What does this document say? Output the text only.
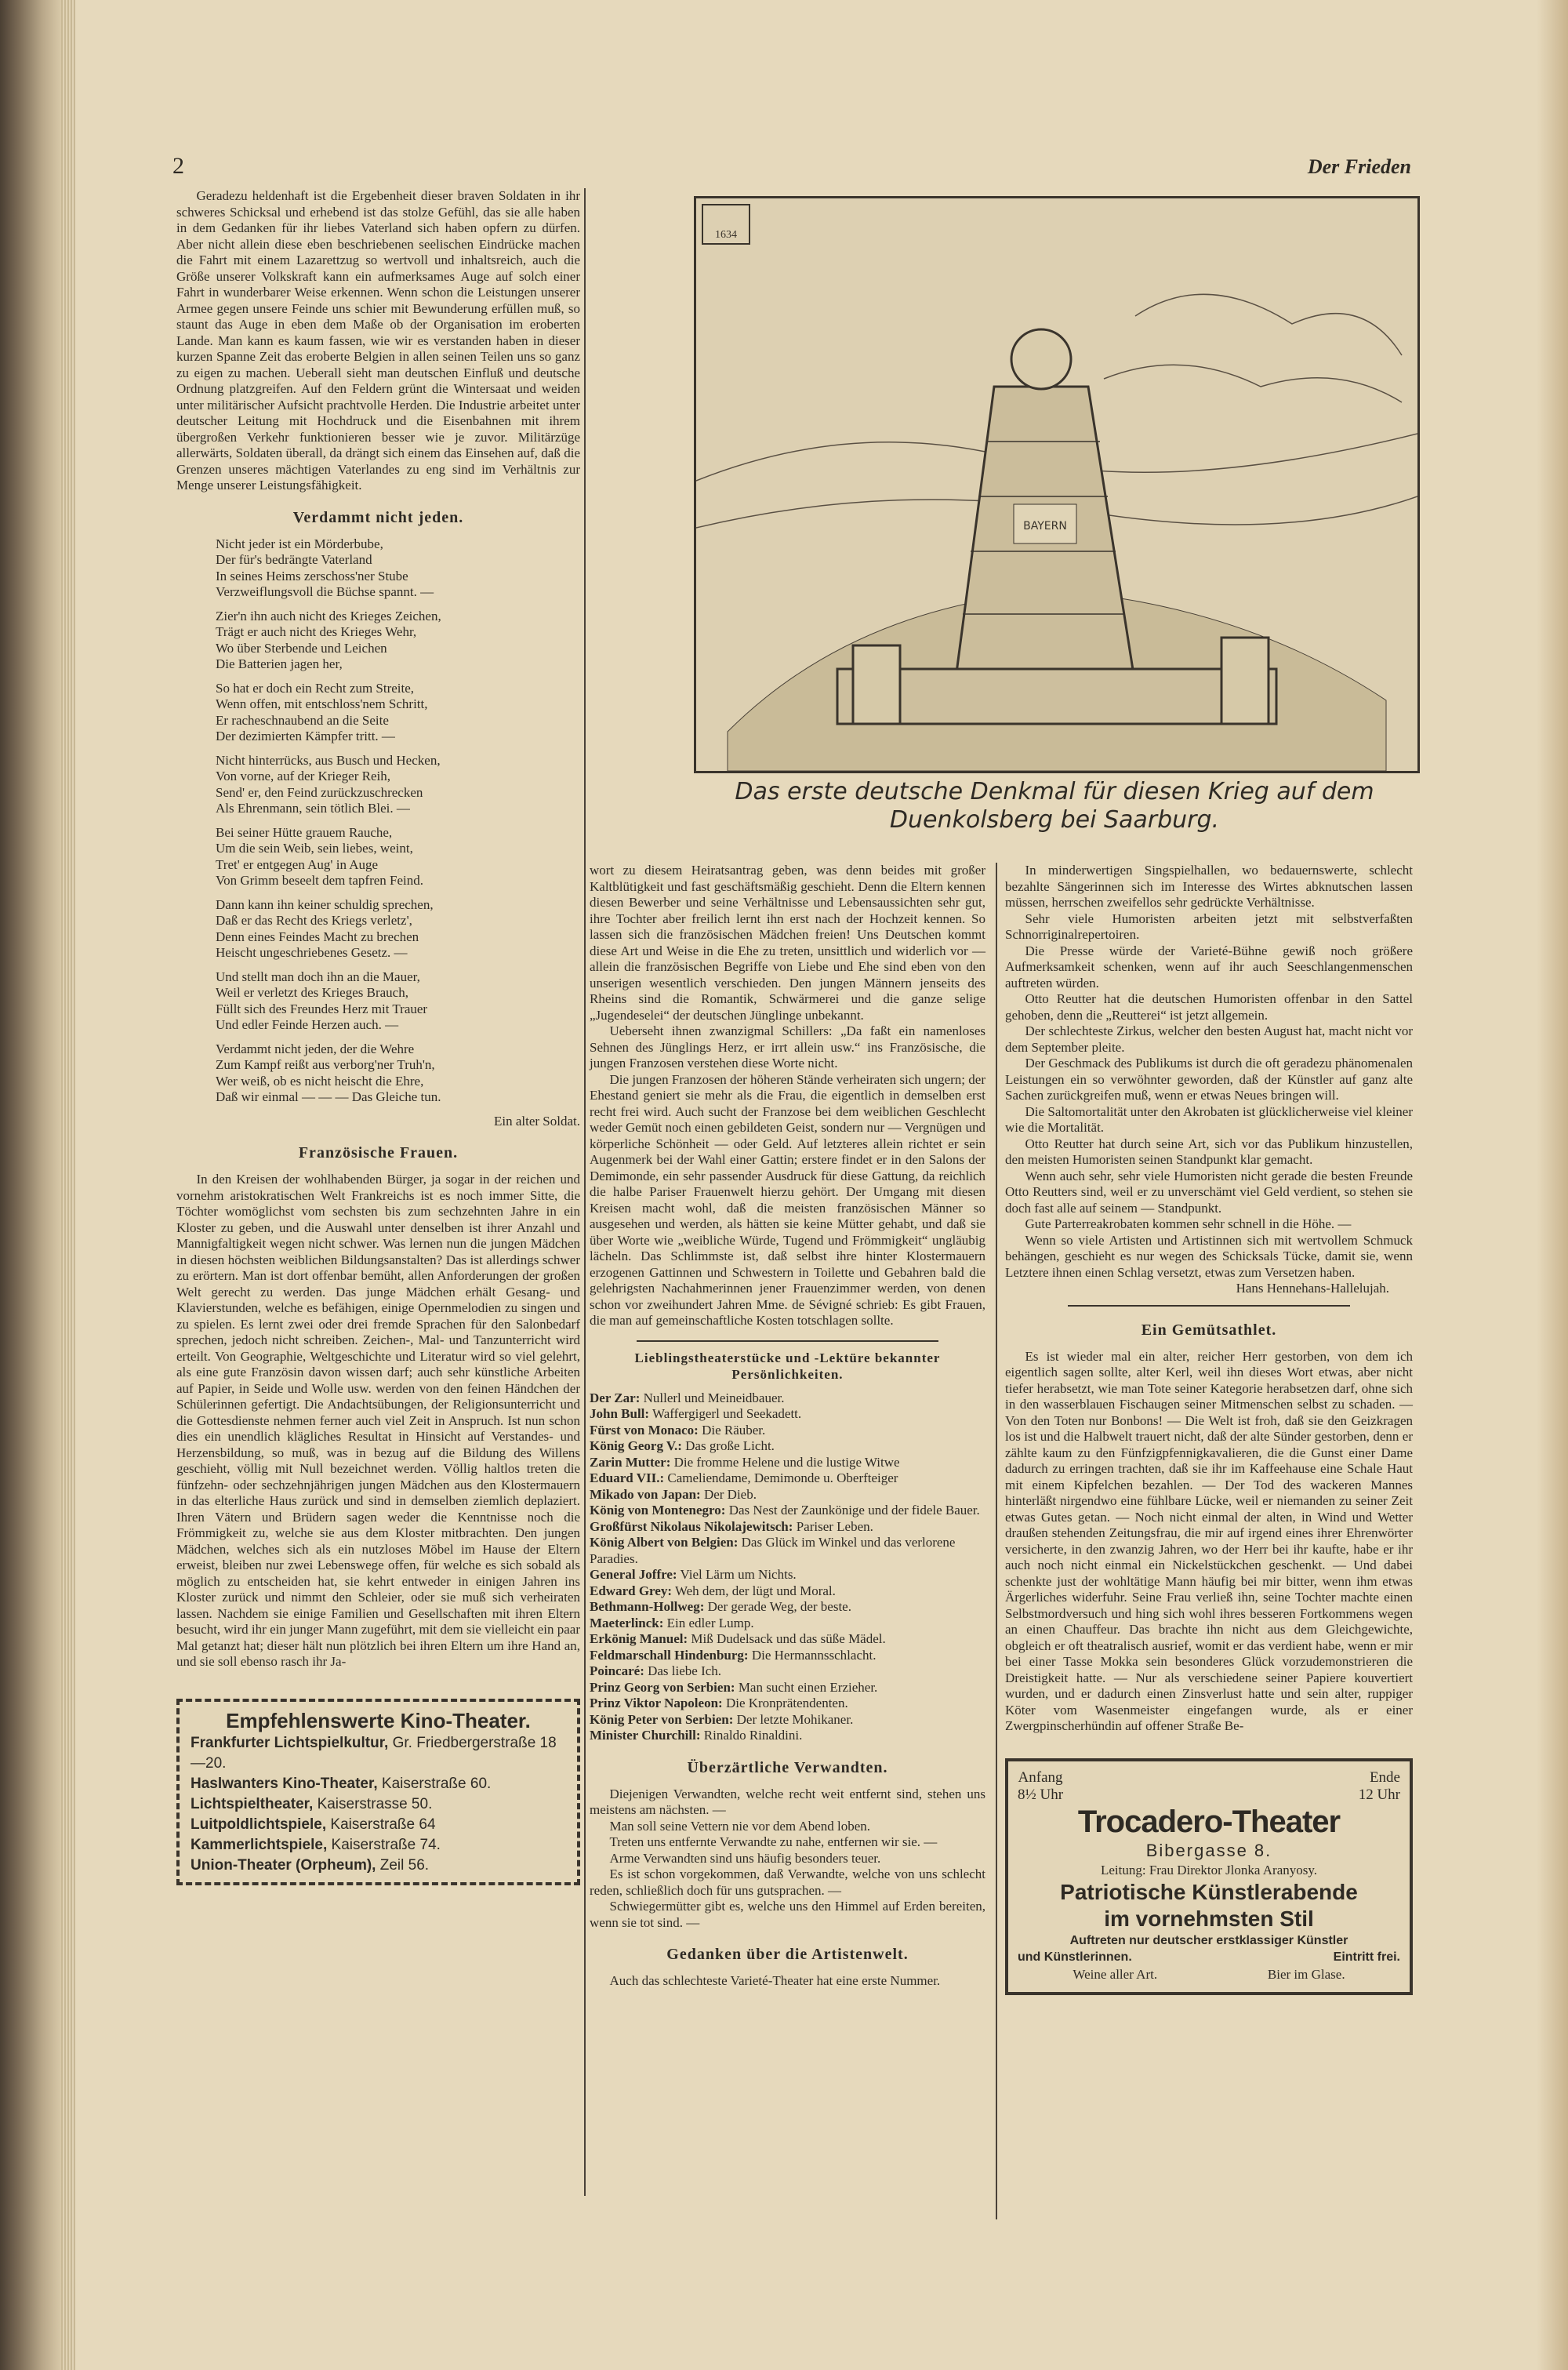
2	Der Frieden

Geradezu heldenhaft ist die Ergebenheit dieser braven Soldaten in ihr schweres Schicksal und erhebend ist das stolze Gefühl, das sie alle haben in dem Gedanken für ihr liebes Vaterland sich haben opfern zu dürfen. Aber nicht allein diese eben beschriebenen seelischen Eindrücke machen die Fahrt mit einem Lazarettzug so wertvoll und inhaltsreich, auch die Größe unserer Volkskraft kann ein aufmerksames Auge auf solch einer Fahrt in wunderbarer Weise erkennen. Wenn schon die Leistungen unserer Armee gegen unsere Feinde uns schier mit Bewunderung erfüllen muß, so staunt das Auge in eben dem Maße ob der Organisation im eroberten Lande. Man kann es kaum fassen, wie wir es verstanden haben in dieser kurzen Spanne Zeit das eroberte Belgien in allen seinen Teilen uns so ganz zu eigen zu machen. Ueberall sieht man deutschen Einfluß und deutsche Ordnung platzgreifen. Auf den Feldern grünt die Wintersaat und weiden unter militärischer Aufsicht prachtvolle Herden. Die Industrie arbeitet unter deutscher Leitung mit Hochdruck und die Eisenbahnen mit ihrem übergroßen Verkehr funktionieren besser wie je zuvor. Militärzüge allerwärts, Soldaten überall, da drängt sich einem das Einsehen auf, daß die Grenzen unseres mächtigen Vaterlandes zu eng sind im Verhältnis zur Menge unserer Leistungsfähigkeit.

Verdammt nicht jeden.
Nicht jeder ist ein Mörderbube,
Der für's bedrängte Vaterland
In seines Heims zerschoss'ner Stube
Verzweiflungsvoll die Büchse spannt. —
Zier'n ihn auch nicht des Krieges Zeichen,
Trägt er auch nicht des Krieges Wehr,
Wo über Sterbende und Leichen
Die Batterien jagen her,
So hat er doch ein Recht zum Streite,
Wenn offen, mit entschloss'nem Schritt,
Er racheschnaubend an die Seite
Der dezimierten Kämpfer tritt. —
Nicht hinterrücks, aus Busch und Hecken,
Von vorne, auf der Krieger Reih,
Send' er, den Feind zurückzuschrecken
Als Ehrenmann, sein tötlich Blei. —
Bei seiner Hütte grauem Rauche,
Um die sein Weib, sein liebes, weint,
Tret' er entgegen Aug' in Auge
Von Grimm beseelt dem tapfren Feind.
Dann kann ihn keiner schuldig sprechen,
Daß er das Recht des Kriegs verletz',
Denn eines Feindes Macht zu brechen
Heischt ungeschriebenes Gesetz. —
Und stellt man doch ihn an die Mauer,
Weil er verletzt des Krieges Brauch,
Füllt sich des Freundes Herz mit Trauer
Und edler Feinde Herzen auch. —
Verdammt nicht jeden, der die Wehre
Zum Kampf reißt aus verborg'ner Truh'n,
Wer weiß, ob es nicht heischt die Ehre,
Daß wir einmal — — — Das Gleiche tun.
Ein alter Soldat.
Französische Frauen.

In den Kreisen der wohlhabenden Bürger, ja sogar in der reichen und vornehm aristokratischen Welt Frankreichs ist es noch immer Sitte, die Töchter womöglichst vom sechsten bis zum sechzehnten Jahre in ein Kloster zu geben, und die Auswahl unter denselben ist ihrer Anzahl und Mannigfaltigkeit wegen nicht schwer. Was lernen nun die jungen Mädchen in diesen höchsten weiblichen Bildungsanstalten? Das ist allerdings schwer zu erörtern. Man ist dort offenbar bemüht, allen Anforderungen der großen Welt gerecht zu werden. Das junge Mädchen erhält Gesang- und Klavierstunden, welche es befähigen, einige Opernmelodien zu singen und zu spielen. Es lernt zwei oder drei fremde Sprachen für den Salonbedarf sprechen, jedoch nicht schreiben. Zeichen-, Mal- und Tanzunterricht wird erteilt. Von Geographie, Weltgeschichte und Literatur wird so viel gelehrt, als eine gute Französin davon wissen darf; auch sehr künstliche Arbeiten auf Papier, in Seide und Wolle usw. werden von den feinen Händchen der Schülerinnen gefertigt. Die Andachtsübungen, der Religionsunterricht und die Gottesdienste nehmen ferner auch viel Zeit in Anspruch. Ist nun schon dies ein unendlich klägliches Resultat in Hinsicht auf Verstandes- und Herzensbildung, so muß, was in bezug auf die Bildung des Willens geschieht, völlig mit Null bezeichnet werden. Völlig haltlos treten die fünfzehn- oder sechzehnjährigen jungen Mädchen aus den Klostermauern in das elterliche Haus zurück und sind in demselben ziemlich deplaziert. Ihren Vätern und Brüdern sagen weder die Kenntnisse noch die Frömmigkeit zu, welche sie aus dem Kloster mitbrachten. Den jungen Mädchen, welches sich als ein nutzloses Möbel im Hause der Eltern erweist, bleiben nur zwei Lebenswege offen, für welche es sich sobald als möglich zu entscheiden hat, sie kehrt entweder in einigen Jahren ins Kloster zurück und nimmt den Schleier, oder sie muß sich verheiraten lassen. Nachdem sie einige Familien und Gesellschaften mit ihren Eltern besucht, wird ihr ein junger Mann zugeführt, mit dem sie vielleicht ein paar Mal getanzt hat; dieser hält nun plötzlich bei ihren Eltern um ihre Hand an, und sie soll ebenso rasch ihr Ja-

Empfehlenswerte Kino-Theater.
Frankfurter Lichtspielkultur, Gr. Friedbergerstraße 18—20.
Haslwanters Kino-Theater, Kaiserstraße 60.
Lichtspieltheater, Kaiserstrasse 50.
Luitpoldlichtspiele, Kaiserstraße 64
Kammerlichtspiele, Kaiserstraße 74.
Union-Theater (Orpheum), Zeil 56.
BAYERN
1634
Das erste deutsche Denkmal für diesen Krieg auf dem Duenkolsberg bei Saarburg.
wort zu diesem Heiratsantrag geben, was denn beides mit großer Kaltblütigkeit und fast geschäftsmäßig geschieht. Denn die Eltern kennen diesen Bewerber und seine Verhältnisse und Lebensaussichten sehr gut, ihre Tochter aber freilich lernt ihn erst nach der Hochzeit kennen. So lassen sich die französischen Mädchen freien! Uns Deutschen kommt diese Art und Weise in die Ehe zu treten, unsittlich und widerlich vor — allein die französischen Begriffe von Liebe und Ehe sind eben von den unserigen wesentlich verschieden. Den jungen Männern jenseits des Rheins sind die Romantik, Schwärmerei und die ganze selige „Jugendeselei“ der deutschen Jünglinge unbekannt.

Ueberseht ihnen zwanzigmal Schillers: „Da faßt ein namenloses Sehnen des Jünglings Herz, er irrt allein usw.“ ins Französische, die jungen Franzosen verstehen diese Worte nicht.

Die jungen Franzosen der höheren Stände verheiraten sich ungern; der Ehestand geniert sie mehr als die Frau, die eigentlich in demselben erst recht frei wird. Auch sucht der Franzose bei dem weiblichen Geschlecht weder Gemüt noch einen gebildeten Geist, sondern nur — Vergnügen und körperliche Schönheit — oder Geld. Auf letzteres allein richtet er sein Augenmerk bei der Wahl einer Gattin; erstere findet er in den Salons der Demimonde, ein sehr passender Ausdruck für diese Gattung, da reichlich die halbe Pariser Frauenwelt hierzu gehört. Der Umgang mit diesen Kreisen macht wohl, daß die meisten französischen Männer so ausgesehen und werden, als hätten sie keine Mütter gehabt, und daß sie über Worte wie „weibliche Würde, Tugend und Frömmigkeit“ ungläubig lächeln. Das Schlimmste ist, daß selbst ihre hinter Klostermauern erzogenen Gattinnen und Schwestern in Toilette und Gebahren bald die gelehrigsten Nachahmerinnen jener Frauenzimmer werden, von denen schon vor zweihundert Jahren Mme. de Sévigné schrieb: Es gibt Frauen, die man auf gemeinschaftliche Kosten totschlagen sollte.

Lieblingstheaterstücke und -Lektüre bekannter Persönlichkeiten.
Der Zar: Nullerl und Meineidbauer.
John Bull: Waffergigerl und Seekadett.
Fürst von Monaco: Die Räuber.
König Georg V.: Das große Licht.
Zarin Mutter: Die fromme Helene und die lustige Witwe
Eduard VII.: Cameliendame, Demimonde u. Oberfteiger
Mikado von Japan: Der Dieb.
König von Montenegro: Das Nest der Zaunkönige und der fidele Bauer.
Großfürst Nikolaus Nikolajewitsch: Pariser Leben.
König Albert von Belgien: Das Glück im Winkel und das verlorene Paradies.
General Joffre: Viel Lärm um Nichts.
Edward Grey: Weh dem, der lügt und Moral.
Bethmann-Hollweg: Der gerade Weg, der beste.
Maeterlinck: Ein edler Lump.
Erkönig Manuel: Miß Dudelsack und das süße Mädel.
Feldmarschall Hindenburg: Die Hermannsschlacht.
Poincaré: Das liebe Ich.
Prinz Georg von Serbien: Man sucht einen Erzieher.
Prinz Viktor Napoleon: Die Kronprätendenten.
König Peter von Serbien: Der letzte Mohikaner.
Minister Churchill: Rinaldo Rinaldini.
Überzärtliche Verwandten.

Diejenigen Verwandten, welche recht weit entfernt sind, stehen uns meistens am nächsten. —

Man soll seine Vettern nie vor dem Abend loben.

Treten uns entfernte Verwandte zu nahe, entfernen wir sie. —

Arme Verwandten sind uns häufig besonders teuer.

Es ist schon vorgekommen, daß Verwandte, welche von uns schlecht reden, schließlich doch für uns gutsprachen. —

Schwiegermütter gibt es, welche uns den Himmel auf Erden bereiten, wenn sie tot sind. —

Gedanken über die Artistenwelt.

Auch das schlechteste Varieté-Theater hat eine erste Nummer.

In minderwertigen Singspielhallen, wo bedauernswerte, schlecht bezahlte Sängerinnen sich im Interesse des Wirtes abknutschen lassen müssen, herrschen zweifellos sehr gedrückte Verhältnisse.

Sehr viele Humoristen arbeiten jetzt mit selbstverfaßten Schnorriginalrepertoiren.

Die Presse würde der Varieté-Bühne gewiß noch größere Aufmerksamkeit schenken, wenn auf ihr auch Seeschlangenmenschen auftreten würden.

Otto Reutter hat die deutschen Humoristen offenbar in den Sattel gehoben, denn die „Reutterei“ ist jetzt allgemein.

Der schlechteste Zirkus, welcher den besten August hat, macht nicht vor dem September pleite.

Der Geschmack des Publikums ist durch die oft geradezu phänomenalen Leistungen ein so verwöhnter geworden, daß der Künstler auf ganz alte Sachen zurückgreifen muß, wenn er etwas Neues bringen will.

Die Saltomortalität unter den Akrobaten ist glücklicherweise viel kleiner wie die Mortalität.

Otto Reutter hat durch seine Art, sich vor das Publikum hinzustellen, den meisten Humoristen seinen Standpunkt klar gemacht.

Wenn auch sehr, sehr viele Humoristen nicht gerade die besten Freunde Otto Reutters sind, weil er zu unverschämt viel Geld verdient, so stehen sie doch fast alle auf seinem — Standpunkt.

Gute Parterreakrobaten kommen sehr schnell in die Höhe. —

Wenn so viele Artisten und Artistinnen sich mit wertvollem Schmuck behängen, geschieht es nur wegen des Schicksals Tücke, damit sie, wenn Letztere ihnen einen Schlag versetzt, etwas zum Versetzen haben.

Hans Hennehans-Hallelujah.
Ein Gemütsathlet.

Es ist wieder mal ein alter, reicher Herr gestorben, von dem ich eigentlich sagen sollte, alter Kerl, weil ihn dieses Wort etwas, aber nicht tiefer herabsetzt, wie man Tote seiner Kategorie herabsetzen darf, ohne sich in den wasserblauen Fischaugen seiner Mitmenschen selbst zu schaden. — Von den Toten nur Bonbons! — Die Welt ist froh, daß sie den Geizkragen los ist und die Halbwelt trauert nicht, daß der alte Sünder gestorben, denn er zählte kaum zu den Fünfzigpfennigkavalieren, die die Gunst einer Dame dadurch zu erringen trachten, daß sie ihr im Kaffeehause eine Schale Haut mit einem Kipfelchen bezahlen. — Der Tod des wackeren Mannes hinterläßt nirgendwo eine fühlbare Lücke, weil er niemanden zu seiner Zeit etwas Gutes getan. — Noch nicht einmal der alten, in Wind und Wetter draußen stehenden Zeitungsfrau, die mir auf irgend eines ihrer Ehrenwörter versicherte, in den zwanzig Jahren, wo der Herr bei ihr kaufte, habe er ihr auch noch nicht einmal ein Nickelstückchen geschenkt. — Und dabei schenkte just der wohltätige Mann häufig bei mir bitter, wenn ihm etwas Ärgerliches widerfuhr. Seine Frau verließ ihn, seine Tochter machte einen Selbstmordversuch und hing sich wohl ihres besseren Fortkommens wegen an einen Chauffeur. Das brachte ihn nicht aus dem Gleichgewichte, obgleich er oft theatralisch ausrief, womit er das verdient habe, wenn er mir bei einer Tasse Mokka sein besonderes Glück vorzudemonstrieren die Dreistigkeit hatte. — Nur als verschiedene seiner Papiere kouvertiert wurden, und er dadurch einen Zinsverlust hatte und sein alter, ruppiger Köter vom Wasenmeister eingefangen wurde, als er einer Zwergpinscherhündin auf offener Straße Be-

Anfang
8½ Uhr
Ende
12 Uhr
Trocadero-Theater
Bibergasse 8.
Leitung: Frau Direktor Jlonka Aranyosy.
Patriotische Künstlerabende
im vornehmsten Stil
Auftreten nur deutscher erstklassiger Künstler
und Künstlerinnen.	Eintritt frei.
Weine aller Art.	Bier im Glase.
